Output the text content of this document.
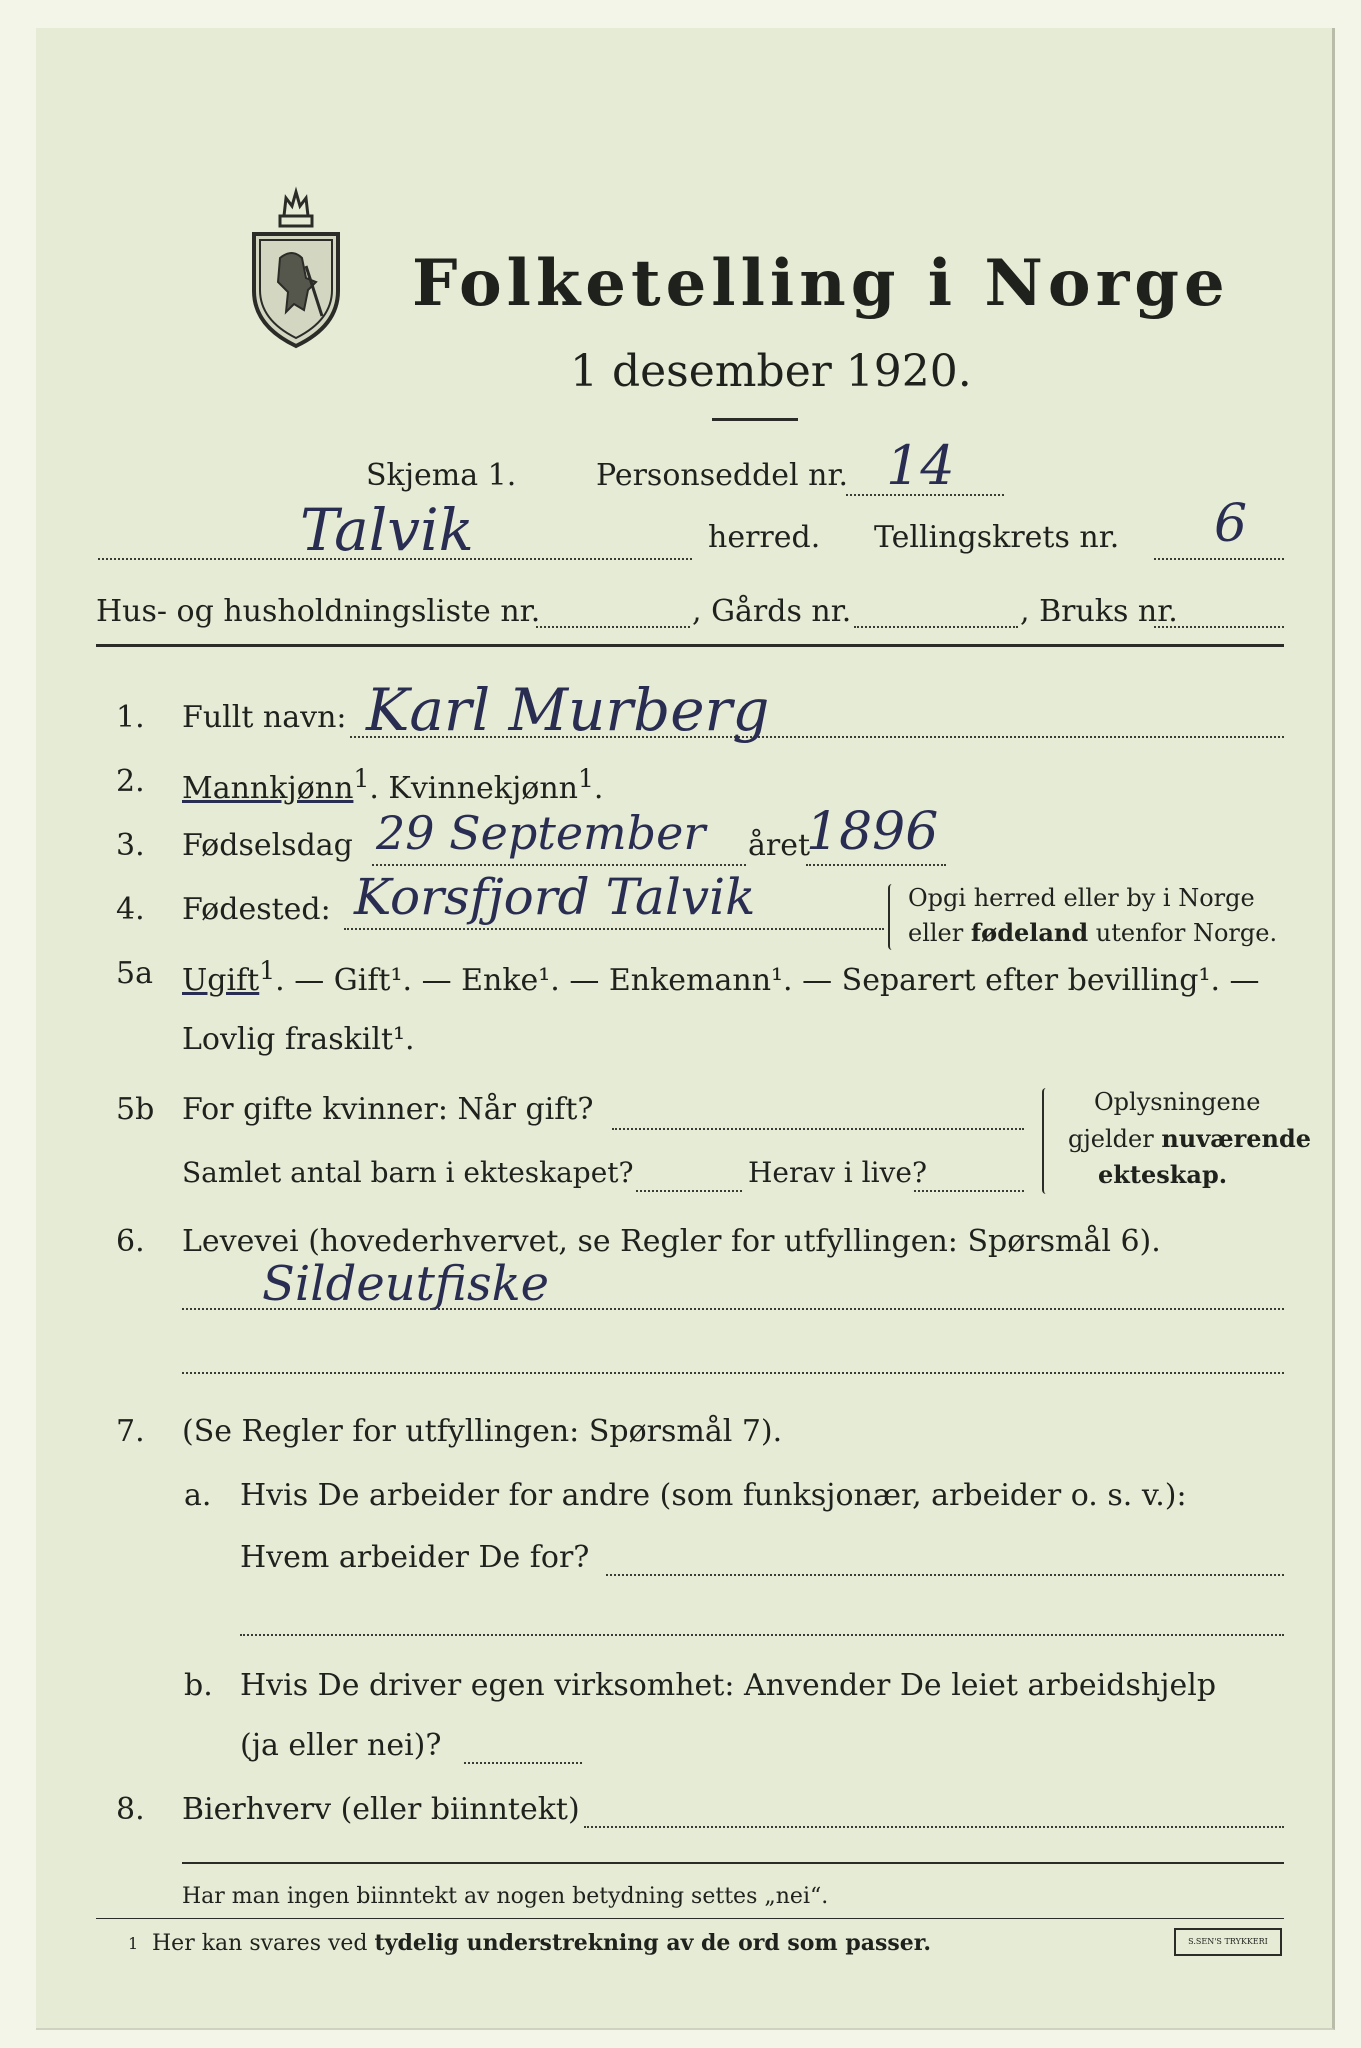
Folketelling i Norge
1 desember 1920.
Skjema 1.	Personseddel nr. 14
Talvik	herred. Tellingskrets nr. 6
Hus- og husholdningsliste nr.	, Gårds nr.	, Bruks nr.
1.	Fullt navn: Karl Murberg
2.	Mannkjønn$^1$. Kvinnekjønn$^1$.
3.	Fødselsdag 29 September året
1896
4.	Fødested: Korsfjord Talvik	Opgi herred eller by i Norge
eller fødeland utenfor Norge.
5a Ugift$^1$. — Gift¹. — Enke¹. — Enkemann¹. — Separert efter bevilling¹. —
Lovlig fraskilt¹.
5b For gifte kvinner: Når gift?
Samlet antal barn i ekteskapet?	Herav i live?
Oplysningene
gjelder nuværende
ekteskap.
6.	Levevei (hovederhvervet, se Regler for utfyllingen: Spørsmål 6).
Sildeutfiske
7.	(Se Regler for utfyllingen: Spørsmål 7).
a. Hvis De arbeider for andre (som funksjonær, arbeider o. s. v.):
Hvem arbeider De for?
b. Hvis De driver egen virksomhet: Anvender De leiet arbeidshjelp
(ja eller nei)?
8.	Bierhverv (eller biinntekt)
Har man ingen biinntekt av nogen betydning settes „nei“.
1 Her kan svares ved tydelig understrekning av de ord som passer.	S.SEN'S TRYKKERI
